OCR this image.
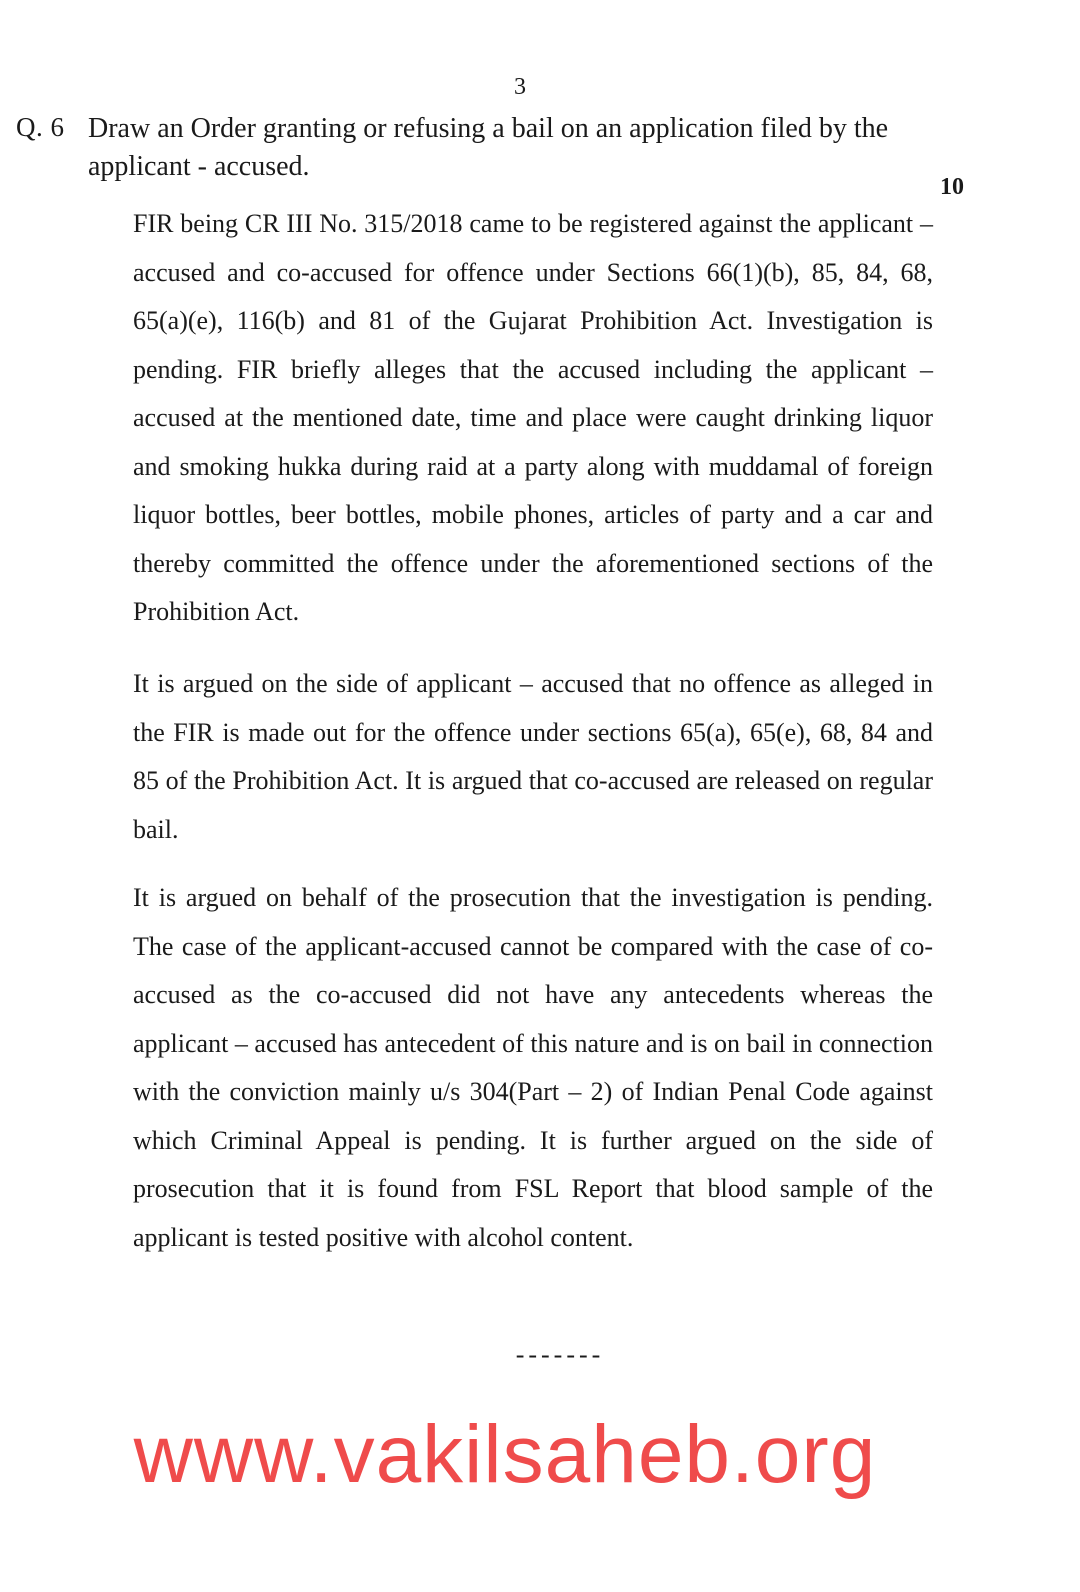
3
Q. 6 Draw an Order granting or refusing a bail on an application filed by the applicant - accused.
10

FIR being CR III No. 315/2018 came to be registered against the applicant – accused and co-accused for offence under Sections 66(1)(b), 85, 84, 68, 65(a)(e), 116(b) and 81 of the Gujarat Prohibition Act. Investigation is pending. FIR briefly alleges that the accused including the applicant – accused at the mentioned date, time and place were caught drinking liquor and smoking hukka during raid at a party along with muddamal of foreign liquor bottles, beer bottles, mobile phones, articles of party and a car and thereby committed the offence under the aforementioned sections of the Prohibition Act.

It is argued on the side of applicant – accused that no offence as alleged in the FIR is made out for the offence under sections 65(a), 65(e), 68, 84 and 85 of the Prohibition Act. It is argued that co-accused are released on regular bail.

It is argued on behalf of the prosecution that the investigation is pending. The case of the applicant-accused cannot be compared with the case of co-accused as the co-accused did not have any antecedents whereas the applicant – accused has antecedent of this nature and is on bail in connection with the conviction mainly u/s 304(Part – 2) of Indian Penal Code against which Criminal Appeal is pending. It is further argued on the side of prosecution that it is found from FSL Report that blood sample of the applicant is tested positive with alcohol content.

-------
www.vakilsaheb.org
